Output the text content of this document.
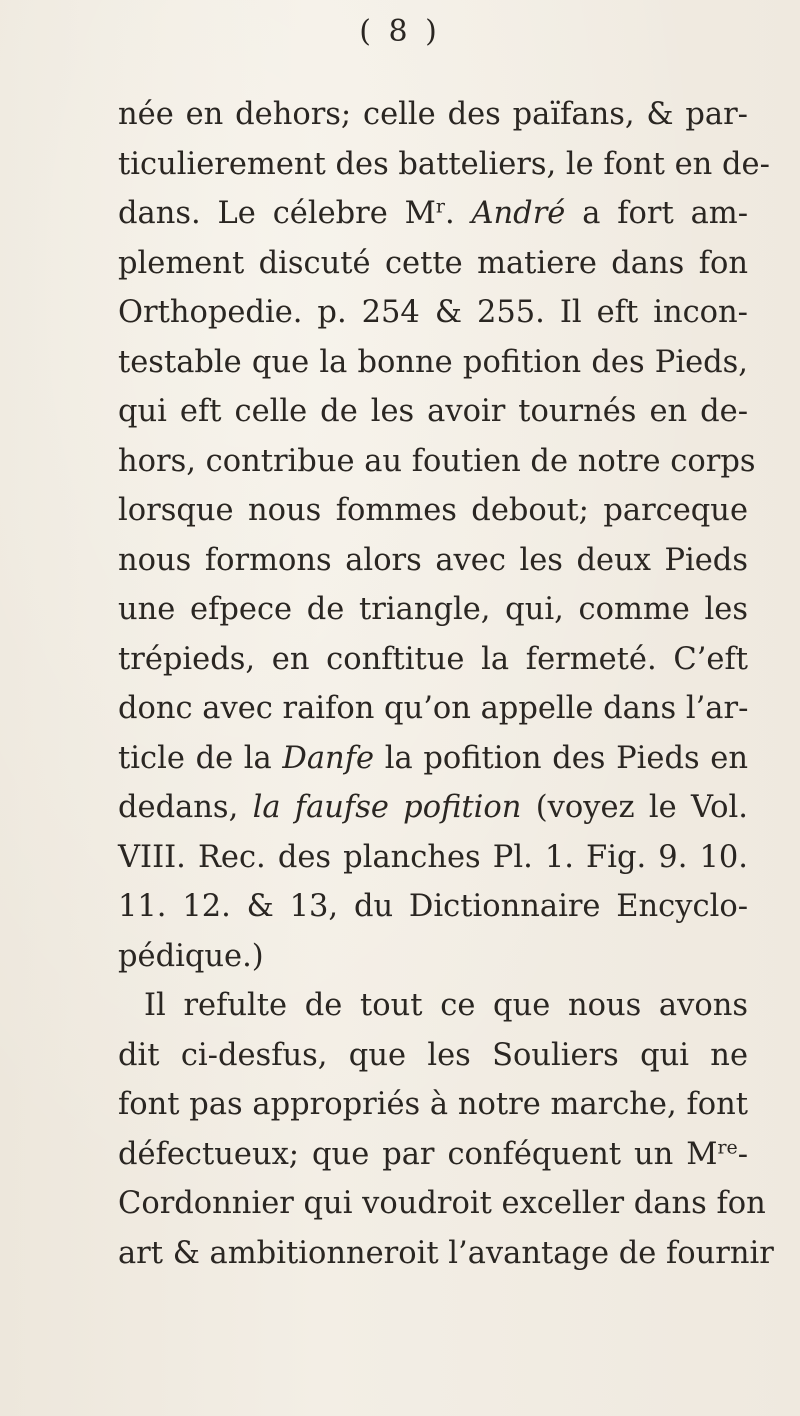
( 8 )
née en dehors; celle des païfans, & par-
ticulierement des batteliers, le font en de-
dans. Le célebre $M^r$. André a fort am-
plement discuté cette matiere dans fon
Orthopedie. p. 254 & 255. Il eft incon-
testable que la bonne pofition des Pieds,
qui eft celle de les avoir tournés en de-
hors, contribue au foutien de notre corps
lorsque nous fommes debout; parceque
nous formons alors avec les deux Pieds
une efpece de triangle, qui, comme les
trépieds, en conftitue la fermeté. C’eft
donc avec raifon qu’on appelle dans l’ar-
ticle de la Danfe la pofition des Pieds en
dedans, la faufse pofition (voyez le Vol.
VIII. Rec. des planches Pl. 1. Fig. 9. 10.
11. 12. & 13, du Dictionnaire Encyclo-
pédique.)
Il refulte de tout ce que nous avons
dit ci-desfus, que les Souliers qui ne
font pas appropriés à notre marche, font
défectueux; que par conféquent un Mre-
Cordonnier qui voudroit exceller dans fon
art & ambitionneroit l’avantage de fournir
